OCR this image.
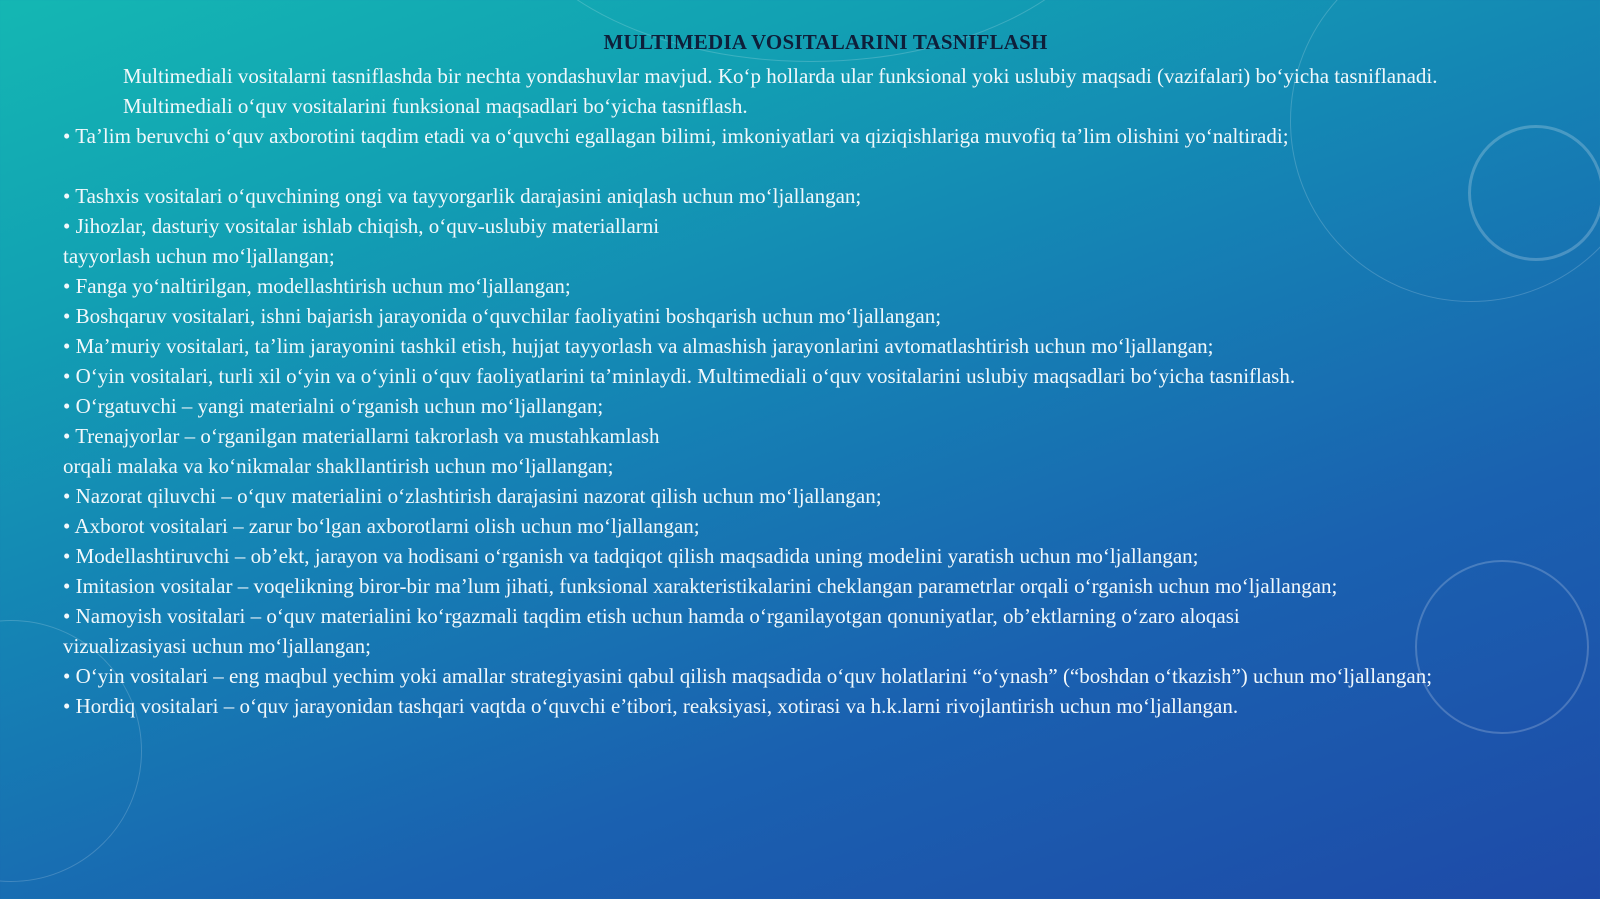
MULTIMEDIA VOSITALARINI TASNIFLASH

Multimediali vositalarni tasniflashda bir nechta yondashuvlar mavjud. Ko‘p hollarda ular funksional yoki uslubiy maqsadi (vazifalari) bo‘yicha tasniflanadi.

Multimediali o‘quv vositalarini funksional maqsadlari bo‘yicha tasniflash.

• Ta’lim beruvchi o‘quv axborotini taqdim etadi va o‘quvchi egallagan bilimi, imkoniyatlari va qiziqishlariga muvofiq ta’lim olishini yo‘naltiradi;

• Tashxis vositalari o‘quvchining ongi va tayyorgarlik darajasini aniqlash uchun mo‘ljallangan;

• Jihozlar, dasturiy vositalar ishlab chiqish, o‘quv-uslubiy materiallarni

tayyorlash uchun mo‘ljallangan;

• Fanga yo‘naltirilgan, modellashtirish uchun mo‘ljallangan;

• Boshqaruv vositalari, ishni bajarish jarayonida o‘quvchilar faoliyatini boshqarish uchun mo‘ljallangan;

• Ma’muriy vositalari, ta’lim jarayonini tashkil etish, hujjat tayyorlash va almashish jarayonlarini avtomatlashtirish uchun mo‘ljallangan;

• O‘yin vositalari, turli xil o‘yin va o‘yinli o‘quv faoliyatlarini ta’minlaydi. Multimediali o‘quv vositalarini uslubiy maqsadlari bo‘yicha tasniflash.

• O‘rgatuvchi – yangi materialni o‘rganish uchun mo‘ljallangan;

• Trenajyorlar – o‘rganilgan materiallarni takrorlash va mustahkamlash

orqali malaka va ko‘nikmalar shakllantirish uchun mo‘ljallangan;

• Nazorat qiluvchi – o‘quv materialini o‘zlashtirish darajasini nazorat qilish uchun mo‘ljallangan;

• Axborot vositalari – zarur bo‘lgan axborotlarni olish uchun mo‘ljallangan;

• Modellashtiruvchi – ob’ekt, jarayon va hodisani o‘rganish va tadqiqot qilish maqsadida uning modelini yaratish uchun mo‘ljallangan;

• Imitasion vositalar – voqelikning biror-bir ma’lum jihati, funksional xarakteristikalarini cheklangan parametrlar orqali o‘rganish uchun mo‘ljallangan;

• Namoyish vositalari – o‘quv materialini ko‘rgazmali taqdim etish uchun hamda o‘rganilayotgan qonuniyatlar, ob’ektlarning o‘zaro aloqasi

vizualizasiyasi uchun mo‘ljallangan;

• O‘yin vositalari – eng maqbul yechim yoki amallar strategiyasini qabul qilish maqsadida o‘quv holatlarini “o‘ynash” (“boshdan o‘tkazish”) uchun mo‘ljallangan;

• Hordiq vositalari – o‘quv jarayonidan tashqari vaqtda o‘quvchi e’tibori, reaksiyasi, xotirasi va h.k.larni rivojlantirish uchun mo‘ljallangan.
